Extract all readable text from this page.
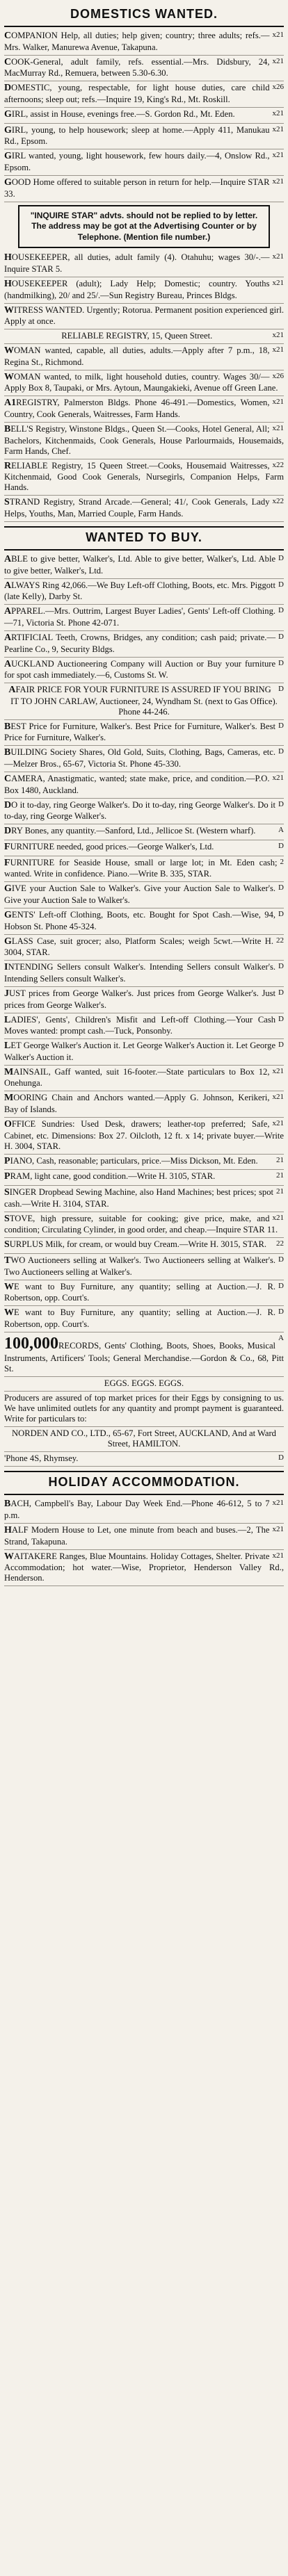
DOMESTICS WANTED.

x21
COMPANION Help, all duties; help given; country; three adults; refs.—Mrs. Walker, Manurewa Avenue, Takapuna.

x21
COOK-General, adult family, refs. essential.—Mrs. Didsbury, 24, MacMurray Rd., Remuera, between 5.30-6.30.

x26
DOMESTIC, young, respectable, for light house duties, care child afternoons; sleep out; refs.—Inquire 19, King's Rd., Mt. Roskill.

x21
GIRL, assist in House, evenings free.—S. Gordon Rd., Mt. Eden.

x21
GIRL, young, to help housework; sleep at home.—Apply 411, Manukau Rd., Epsom.

x21
GIRL wanted, young, light housework, few hours daily.—4, Onslow Rd., Epsom.

x21
GOOD Home offered to suitable person in return for help.—Inquire STAR 33.

"INQUIRE STAR" advts. should not be replied to by letter. The address may be got at the Advertising Counter or by Telephone. (Mention file number.)

x21
HOUSEKEEPER, all duties, adult family (4). Otahuhu; wages 30/-.—Inquire STAR 5.

x21
HOUSEKEEPER (adult); Lady Help; Domestic; country. Youths (handmilking), 20/ and 25/.—Sun Registry Bureau, Princes Bldgs.

WITRESS WANTED. Urgently; Rotorua. Permanent position experienced girl. Apply at once.

x21
RELIABLE REGISTRY, 15, Queen Street.

x21
WOMAN wanted, capable, all duties, adults.—Apply after 7 p.m., 18, Regina St., Richmond.

x26
WOMAN wanted, to milk, light household duties, country. Wages 30/—Apply Box 8, Taupaki, or Mrs. Aytoun, Maungakieki, Avenue off Green Lane.

x21
A1REGISTRY, Palmerston Bldgs. Phone 46-491.—Domestics, Women, Country, Cook Generals, Waitresses, Farm Hands.

x21
BELL'S Registry, Winstone Bldgs., Queen St.—Cooks, Hotel General, All; Bachelors, Kitchenmaids, Cook Generals, House Parlourmaids, Housemaids, Farm Hands, Chef.

x22
RELIABLE Registry, 15 Queen Street.—Cooks, Housemaid Waitresses, Kitchenmaid, Good Cook Generals, Nursegirls, Companion Helps, Farm Hands.

x22
STRAND Registry, Strand Arcade.—General; 41/, Cook Generals, Lady Helps, Youths, Man, Married Couple, Farm Hands.

WANTED TO BUY.

D
ABLE to give better, Walker's, Ltd. Able to give better, Walker's, Ltd. Able to give better, Walker's, Ltd.

D
ALWAYS Ring 42,066.—We Buy Left-off Clothing, Boots, etc. Mrs. Piggott (late Kelly), Darby St.

D
APPAREL.—Mrs. Outtrim, Largest Buyer Ladies', Gents' Left-off Clothing.—71, Victoria St. Phone 42-071.

D
ARTIFICIAL Teeth, Crowns, Bridges, any condition; cash paid; private.—Pearline Co., 9, Security Bldgs.

D
AUCKLAND Auctioneering Company will Auction or Buy your furniture for spot cash immediately.—6, Customs St. W.

D
AFAIR PRICE FOR YOUR FURNITURE IS ASSURED IF YOU BRING IT TO JOHN CARLAW, Auctioneer, 24, Wyndham St. (next to Gas Office). Phone 44-246.

D
BEST Price for Furniture, Walker's. Best Price for Furniture, Walker's. Best Price for Furniture, Walker's.

D
BUILDING Society Shares, Old Gold, Suits, Clothing, Bags, Cameras, etc.—Melzer Bros., 65-67, Victoria St. Phone 45-330.

x21
CAMERA, Anastigmatic, wanted; state make, price, and condition.—P.O. Box 1480, Auckland.

D
DO it to-day, ring George Walker's. Do it to-day, ring George Walker's. Do it to-day, ring George Walker's.

A
DRY Bones, any quantity.—Sanford, Ltd., Jellicoe St. (Western wharf).

D
FURNITURE needed, good prices.—George Walker's, Ltd.

2
FURNITURE for Seaside House, small or large lot; in Mt. Eden cash; wanted. Write in confidence. Piano.—Write B. 335, STAR.

D
GIVE your Auction Sale to Walker's. Give your Auction Sale to Walker's. Give your Auction Sale to Walker's.

D
GENTS' Left-off Clothing, Boots, etc. Bought for Spot Cash.—Wise, 94, Hobson St. Phone 45-324.

22
GLASS Case, suit grocer; also, Platform Scales; weigh 5cwt.—Write H. 3004, STAR.

D
INTENDING Sellers consult Walker's. Intending Sellers consult Walker's. Intending Sellers consult Walker's.

D
JUST prices from George Walker's. Just prices from George Walker's. Just prices from George Walker's.

D
LADIES', Gents', Children's Misfit and Left-off Clothing.—Your Cash Moves wanted: prompt cash.—Tuck, Ponsonby.

D
LET George Walker's Auction it. Let George Walker's Auction it. Let George Walker's Auction it.

x21
MAINSAIL, Gaff wanted, suit 16-footer.—State particulars to Box 12, Onehunga.

x21
MOORING Chain and Anchors wanted.—Apply G. Johnson, Kerikeri, Bay of Islands.

x21
OFFICE Sundries: Used Desk, drawers; leather-top preferred; Safe, Cabinet, etc. Dimensions: Box 27. Oilcloth, 12 ft. x 14; private buyer.—Write H. 3004, STAR.

21
PIANO, Cash, reasonable; particulars, price.—Miss Dickson, Mt. Eden.

21
PRAM, light cane, good condition.—Write H. 3105, STAR.

21
SINGER Dropbead Sewing Machine, also Hand Machines; best prices; spot cash.—Write H. 3104, STAR.

x21
STOVE, high pressure, suitable for cooking; give price, make, and condition; Circulating Cylinder, in good order, and cheap.—Inquire STAR 11.

22
SURPLUS Milk, for cream, or would buy Cream.—Write H. 3015, STAR.

D
TWO Auctioneers selling at Walker's. Two Auctioneers selling at Walker's. Two Auctioneers selling at Walker's.

D
WE want to Buy Furniture, any quantity; selling at Auction.—J. R. Robertson, opp. Court's.

D
WE want to Buy Furniture, any quantity; selling at Auction.—J. R. Robertson, opp. Court's.

A
100,000RECORDS, Gents' Clothing, Boots, Shoes, Books, Musical Instruments, Artificers' Tools; General Merchandise.—Gordon & Co., 68, Pitt St.

EGGS. EGGS. EGGS.

Producers are assured of top market prices for their Eggs by consigning to us. We have unlimited outlets for any quantity and prompt payment is guaranteed. Write for particulars to:

NORDEN AND CO., LTD., 65-67, Fort Street, AUCKLAND, And at Ward Street, HAMILTON.

D
'Phone 4S, Rhymsey.

HOLIDAY ACCOMMODATION.

x21
BACH, Campbell's Bay, Labour Day Week End.—Phone 46-612, 5 to 7 p.m.

x21
HALF Modern House to Let, one minute from beach and buses.—2, The Strand, Takapuna.

x21
WAITAKERE Ranges, Blue Mountains. Holiday Cottages, Shelter. Private Accommodation; hot water.—Wise, Proprietor, Henderson Valley Rd., Henderson.
